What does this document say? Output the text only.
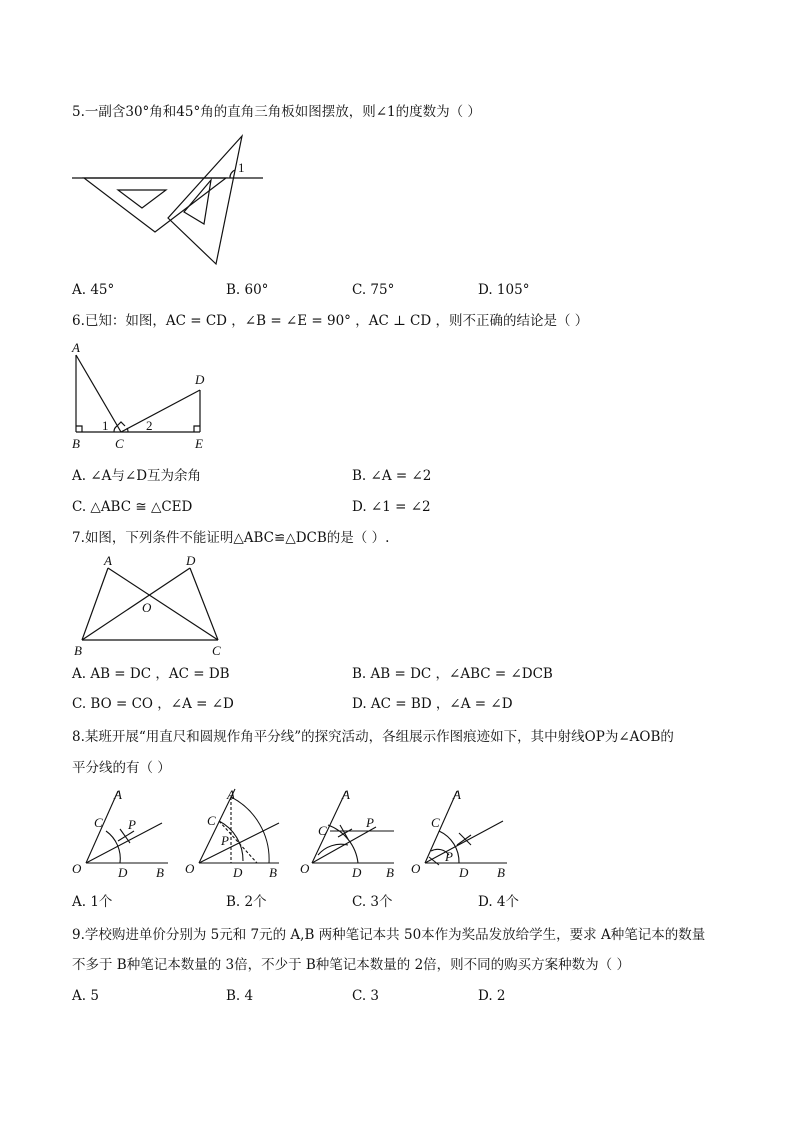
5.一副含30°角和45°角的直角三角板如图摆放，则∠1的度数为（ ）
1
A. 45°	B. 60°	C. 75°	D. 105°
6.已知：如图，AC = CD ，∠B = ∠E = 90° ，AC ⊥ CD ，则不正确的结论是（ ）
A
B	C
D
E
1	2
A. ∠A与∠D互为余角	B. ∠A = ∠2
C. △ABC ≅ △CED	D. ∠1 = ∠2
7.如图，下列条件不能证明△ABC≌△DCB的是（ ）.
A	D
O
B	C
A. AB = DC ，AC = DB	B. AB = DC ，∠ABC = ∠DCB
C. BO = CO ，∠A = ∠D	D. AC = BD ，∠A = ∠D
8.某班开展“用直尺和圆规作角平分线”的探究活动，各组展示作图痕迹如下，其中射线OP为∠AOB的
平分线的有（ ）
A
C P
O	D B
A
C
P
O	D B
A
C
P
O	D B
A
C
P
O	D B
A. 1个	B. 2个	C. 3个	D. 4个
9.学校购进单价分别为 5元和 7元的 A,B 两种笔记本共 50本作为奖品发放给学生，要求 A种笔记本的数量
不多于 B种笔记本数量的 3倍，不少于 B种笔记本数量的 2倍，则不同的购买方案种数为（ ）
A. 5	B. 4	C. 3	D. 2
